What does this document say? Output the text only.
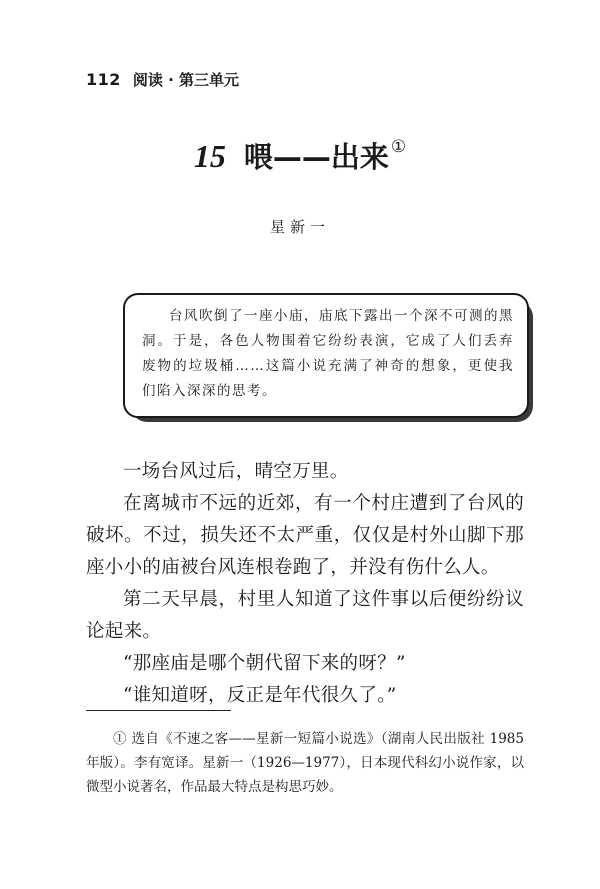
112 阅读 · 第三单元
15 喂——出来 ①
星新一

台风吹倒了一座小庙，庙底下露出一个深不可测的黑洞。于是，各色人物围着它纷纷表演，它成了人们丢弃废物的垃圾桶……这篇小说充满了神奇的想象，更使我们陷入深深的思考。

一场台风过后，晴空万里。

在离城市不远的近郊，有一个村庄遭到了台风的破坏。不过，损失还不太严重，仅仅是村外山脚下那座小小的庙被台风连根卷跑了，并没有伤什么人。

第二天早晨，村里人知道了这件事以后便纷纷议论起来。

“那座庙是哪个朝代留下来的呀？”

“谁知道呀，反正是年代很久了。”

① 选自《不速之客——星新一短篇小说选》（湖南人民出版社 1985 年版）。李有宽译。星新一（1926—1977），日本现代科幻小说作家，以微型小说著名，作品最大特点是构思巧妙。
